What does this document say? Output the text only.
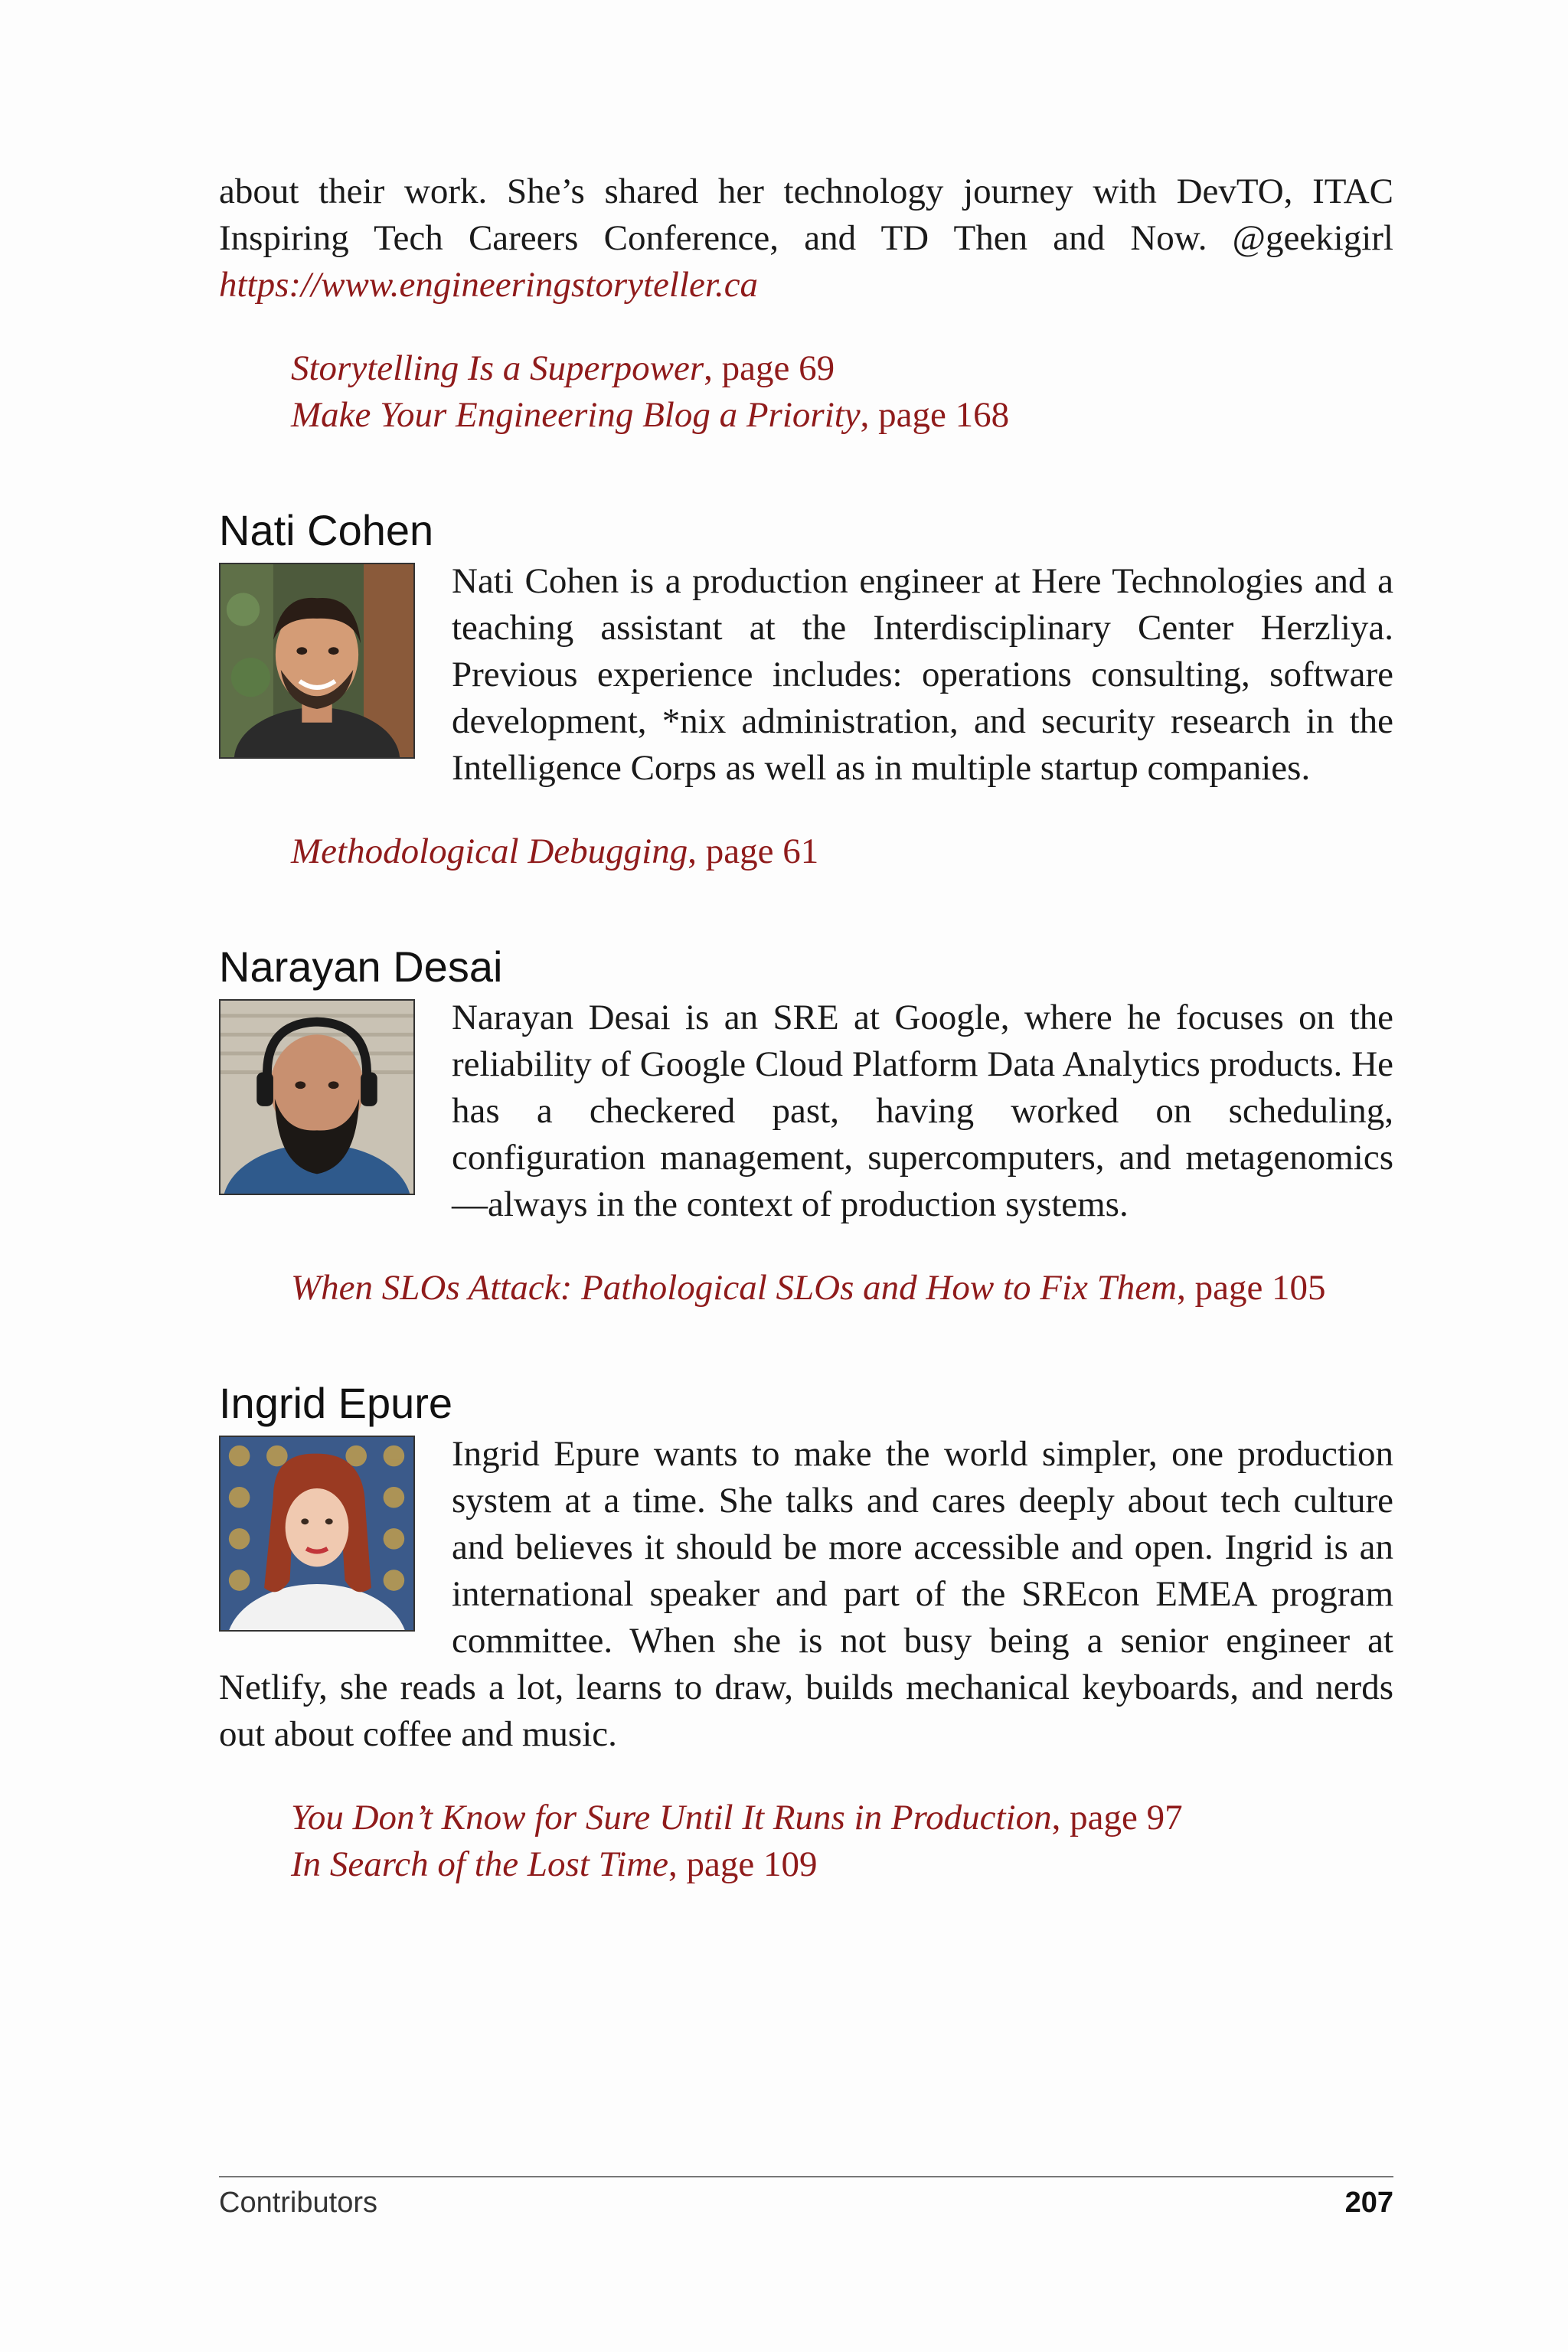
about their work. She’s shared her technology journey with DevTO, ITAC Inspiring Tech Careers Conference, and TD Then and Now. @geekigirl https://www.engineeringstoryteller.ca

Storytelling Is a Superpower, page 69
Make Your Engineering Blog a Priority, page 168
Nati Cohen

Nati Cohen is a production engineer at Here Technologies and a teaching assistant at the Interdisciplinary Center Herzliya. Previous experience includes: operations consulting, software development, *nix administration, and security research in the Intelligence Corps as well as in multiple startup companies.

Methodological Debugging, page 61
Narayan Desai

Narayan Desai is an SRE at Google, where he focuses on the reliability of Google Cloud Platform Data Analytics products. He has a checkered past, having worked on scheduling, configuration management, supercomputers, and metagenomics—always in the context of production systems.

When SLOs Attack: Pathological SLOs and How to Fix Them, page 105
Ingrid Epure

Ingrid Epure wants to make the world simpler, one production system at a time. She talks and cares deeply about tech culture and believes it should be more accessible and open. Ingrid is an international speaker and part of the SREcon EMEA program committee. When she is not busy being a senior engineer at Netlify, she reads a lot, learns to draw, builds mechanical keyboards, and nerds out about coffee and music.

You Don’t Know for Sure Until It Runs in Production, page 97
In Search of the Lost Time, page 109
Contributors	207
